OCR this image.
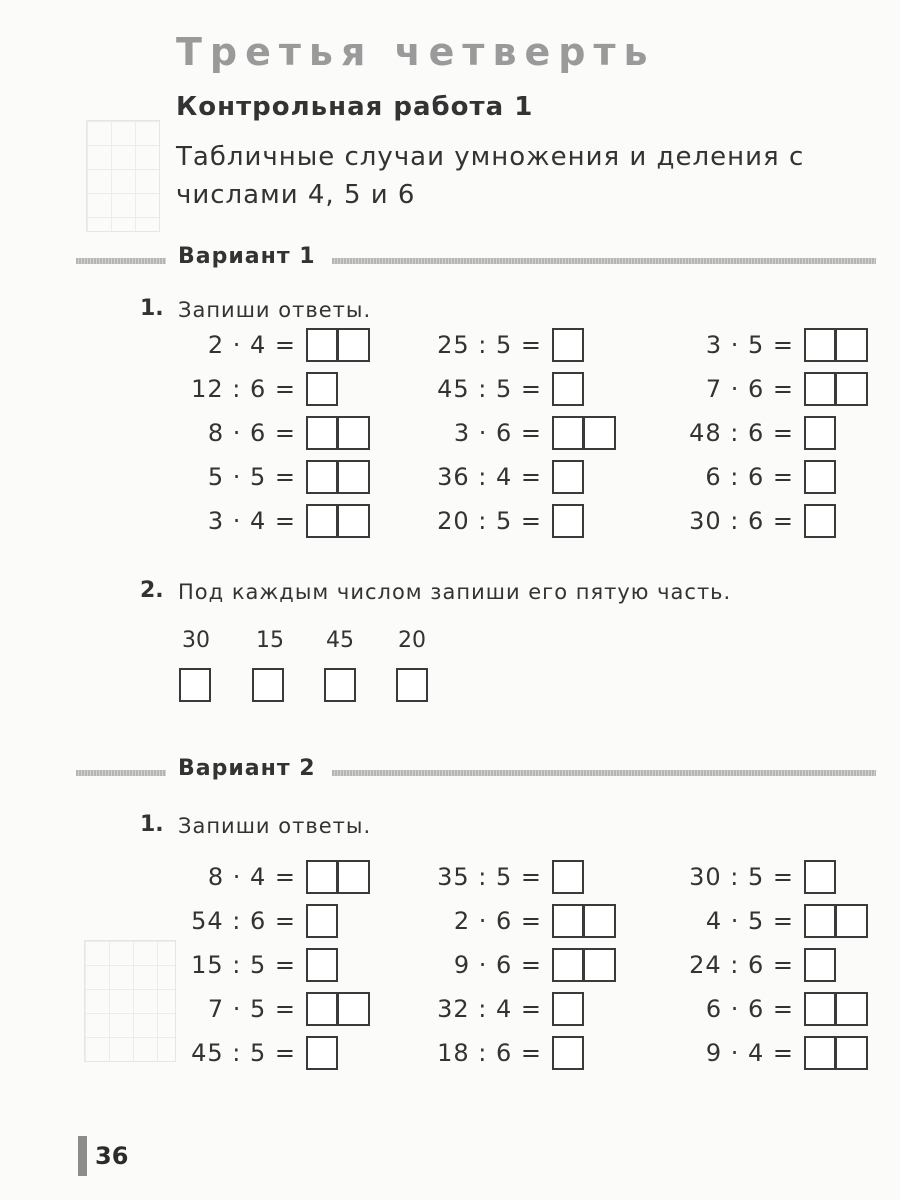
Третья четверть
Контрольная работа 1
Табличные случаи умножения и деления с числами 4, 5 и 6
Вариант 1
1. Запиши ответы.
2 · 4 =
12 : 6 =
8 · 6 =
5 · 5 =
3 · 4 =
25 : 5 =
45 : 5 =
3 · 6 =
36 : 4 =
20 : 5 =
3 · 5 =
7 · 6 =
48 : 6 =
6 : 6 =
30 : 6 =
2. Под каждым числом запиши его пятую часть.
30 15 45 20
Вариант 2
1. Запиши ответы.
8 · 4 =
54 : 6 =
15 : 5 =
7 · 5 =
45 : 5 =
35 : 5 =
2 · 6 =
9 · 6 =
32 : 4 =
18 : 6 =
30 : 5 =
4 · 5 =
24 : 6 =
6 · 6 =
9 · 4 =
36
